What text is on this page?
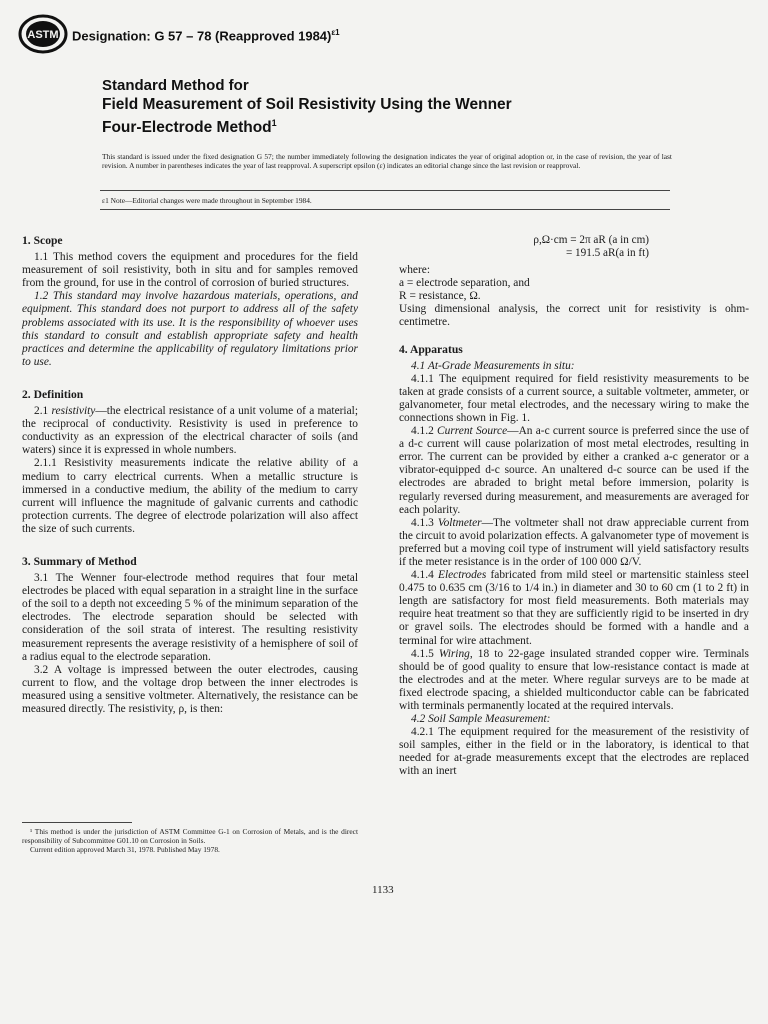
ASTM Designation: G 57 – 78 (Reapproved 1984)$^{\varepsilon 1}$
Standard Method for
Field Measurement of Soil Resistivity Using the Wenner
Four-Electrode Method$^1$
This standard is issued under the fixed designation G 57; the number immediately following the designation indicates the year of original adoption or, in the case of revision, the year of last revision. A number in parentheses indicates the year of last reapproval. A superscript epsilon (ε) indicates an editorial change since the last revision or reapproval.
ε1 Note—Editorial changes were made throughout in September 1984.

1. Scope

1.1 This method covers the equipment and procedures for the field measurement of soil resistivity, both in situ and for samples removed from the ground, for use in the control of corrosion of buried structures.

1.2 This standard may involve hazardous materials, operations, and equipment. This standard does not purport to address all of the safety problems associated with its use. It is the responsibility of whoever uses this standard to consult and establish appropriate safety and health practices and determine the applicability of regulatory limitations prior to use.

2. Definition

2.1 resistivity—the electrical resistance of a unit volume of a material; the reciprocal of conductivity. Resistivity is used in preference to conductivity as an expression of the electrical character of soils (and waters) since it is expressed in whole numbers.

2.1.1 Resistivity measurements indicate the relative ability of a medium to carry electrical currents. When a metallic structure is immersed in a conductive medium, the ability of the medium to carry current will influence the magnitude of galvanic currents and cathodic protection currents. The degree of electrode polarization will also affect the size of such currents.

3. Summary of Method

3.1 The Wenner four-electrode method requires that four metal electrodes be placed with equal separation in a straight line in the surface of the soil to a depth not exceeding 5 % of the minimum separation of the electrodes. The electrode separation should be selected with consideration of the soil strata of interest. The resulting resistivity measurement represents the average resistivity of a hemisphere of soil of a radius equal to the electrode separation.

3.2 A voltage is impressed between the outer electrodes, causing current to flow, and the voltage drop between the inner electrodes is measured using a sensitive voltmeter. Alternatively, the resistance can be measured directly. The resistivity, ρ, is then:

¹ This method is under the jurisdiction of ASTM Committee G-1 on Corrosion of Metals, and is the direct responsibility of Subcommittee G01.10 on Corrosion in Soils.
Current edition approved March 31, 1978. Published May 1978.
ρ,Ω·cm = 2π aR (a in cm)
= 191.5 aR(a in ft)

where:

a = electrode separation, and

R = resistance, Ω.

Using dimensional analysis, the correct unit for resistivity is ohm-centimetre.

4. Apparatus

4.1 At-Grade Measurements in situ:

4.1.1 The equipment required for field resistivity measurements to be taken at grade consists of a current source, a suitable voltmeter, ammeter, or galvanometer, four metal electrodes, and the necessary wiring to make the connections shown in Fig. 1.

4.1.2 Current Source—An a-c current source is preferred since the use of a d-c current will cause polarization of most metal electrodes, resulting in error. The current can be provided by either a cranked a-c generator or a vibrator-equipped d-c source. An unaltered d-c source can be used if the electrodes are abraded to bright metal before immersion, polarity is regularly reversed during measurement, and measurements are averaged for each polarity.

4.1.3 Voltmeter—The voltmeter shall not draw appreciable current from the circuit to avoid polarization effects. A galvanometer type of movement is preferred but a moving coil type of instrument will yield satisfactory results if the meter resistance is in the order of 100 000 Ω/V.

4.1.4 Electrodes fabricated from mild steel or martensitic stainless steel 0.475 to 0.635 cm (3/16 to 1/4 in.) in diameter and 30 to 60 cm (1 to 2 ft) in length are satisfactory for most field measurements. Both materials may require heat treatment so that they are sufficiently rigid to be inserted in dry or gravel soils. The electrodes should be formed with a handle and a terminal for wire attachment.

4.1.5 Wiring, 18 to 22-gage insulated stranded copper wire. Terminals should be of good quality to ensure that low-resistance contact is made at the electrodes and at the meter. Where regular surveys are to be made at fixed electrode spacing, a shielded multiconductor cable can be fabricated with terminals permanently located at the required intervals.

4.2 Soil Sample Measurement:

4.2.1 The equipment required for the measurement of the resistivity of soil samples, either in the field or in the laboratory, is identical to that needed for at-grade measurements except that the electrodes are replaced with an inert

1133
